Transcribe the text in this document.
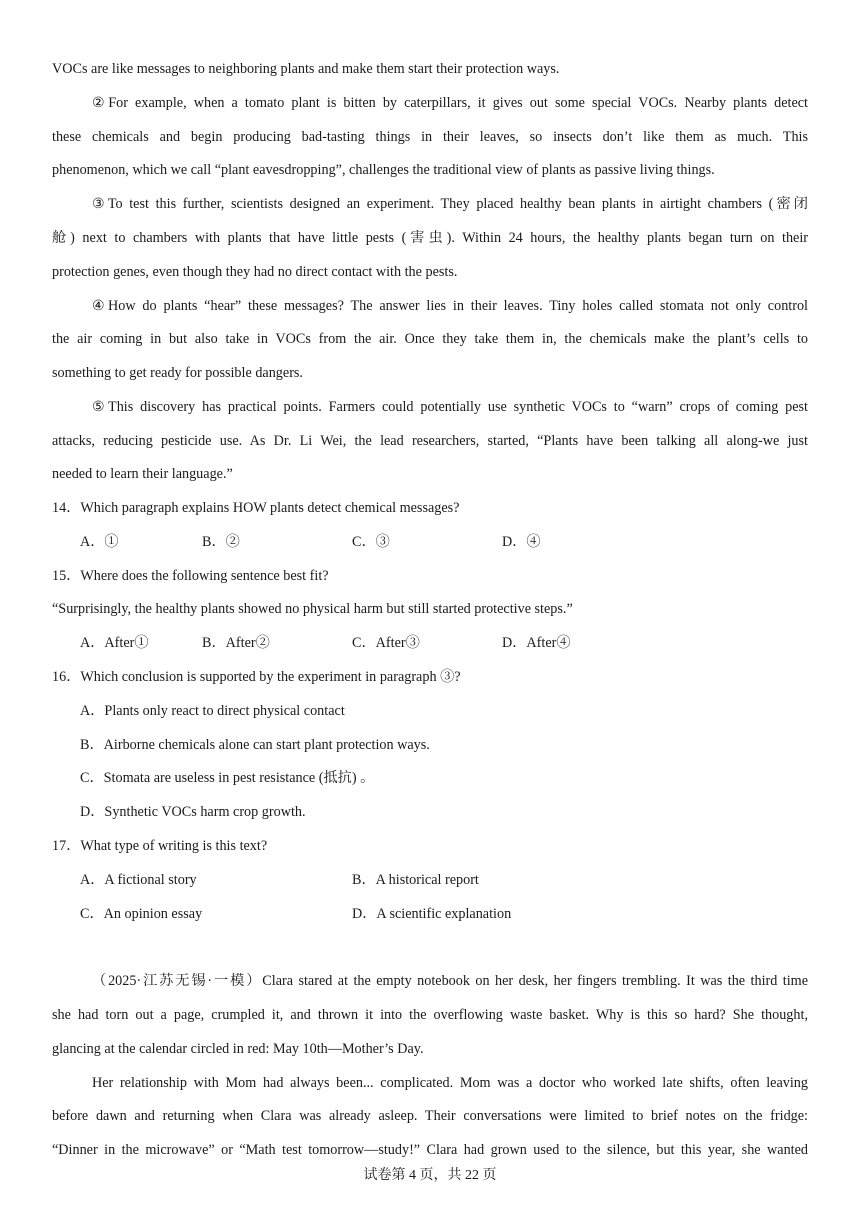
VOCs are like messages to neighboring plants and make them start their protection ways.
②For example, when a tomato plant is bitten by caterpillars, it gives out some special VOCs. Nearby plants detect
these chemicals and begin producing bad-tasting things in their leaves, so insects don’t like them as much. This
phenomenon, which we call “plant eavesdropping”, challenges the traditional view of plants as passive living things.
③To test this further, scientists designed an experiment. They placed healthy bean plants in airtight chambers (密闭
舱) next to chambers with plants that have little pests (害虫). Within 24 hours, the healthy plants began turn on their
protection genes, even though they had no direct contact with the pests.
④How do plants “hear” these messages? The answer lies in their leaves. Tiny holes called stomata not only control
the air coming in but also take in VOCs from the air. Once they take them in, the chemicals make the plant’s cells to
something to get ready for possible dangers.
⑤This discovery has practical points. Farmers could potentially use synthetic VOCs to “warn” crops of coming pest
attacks, reducing pesticide use. As Dr. Li Wei, the lead researchers, started, “Plants have been talking all along-we just
needed to learn their language.”
14．Which paragraph explains HOW plants detect chemical messages?
A．①	B．②	C．③	D．④
15．Where does the following sentence best fit?
“Surprisingly, the healthy plants showed no physical harm but still started protective steps.”
A．After①	B．After②	C．After③	D．After④
16．Which conclusion is supported by the experiment in paragraph ③?
A．Plants only react to direct physical contact
B．Airborne chemicals alone can start plant protection ways.
C．Stomata are useless in pest resistance (抵抗) 。
D．Synthetic VOCs harm crop growth.
17．What type of writing is this text?
A．A fictional story	B．A historical report
C．An opinion essay	D．A scientific explanation
（2025·江苏无锡·一模）Clara stared at the empty notebook on her desk, her fingers trembling. It was the third time
she had torn out a page, crumpled it, and thrown it into the overflowing waste basket. Why is this so hard? She thought,
glancing at the calendar circled in red: May 10th—Mother’s Day.
Her relationship with Mom had always been... complicated. Mom was a doctor who worked late shifts, often leaving
before dawn and returning when Clara was already asleep. Their conversations were limited to brief notes on the fridge:
“Dinner in the microwave” or “Math test tomorrow—study!” Clara had grown used to the silence, but this year, she wanted
试卷第 4 页，共 22 页
